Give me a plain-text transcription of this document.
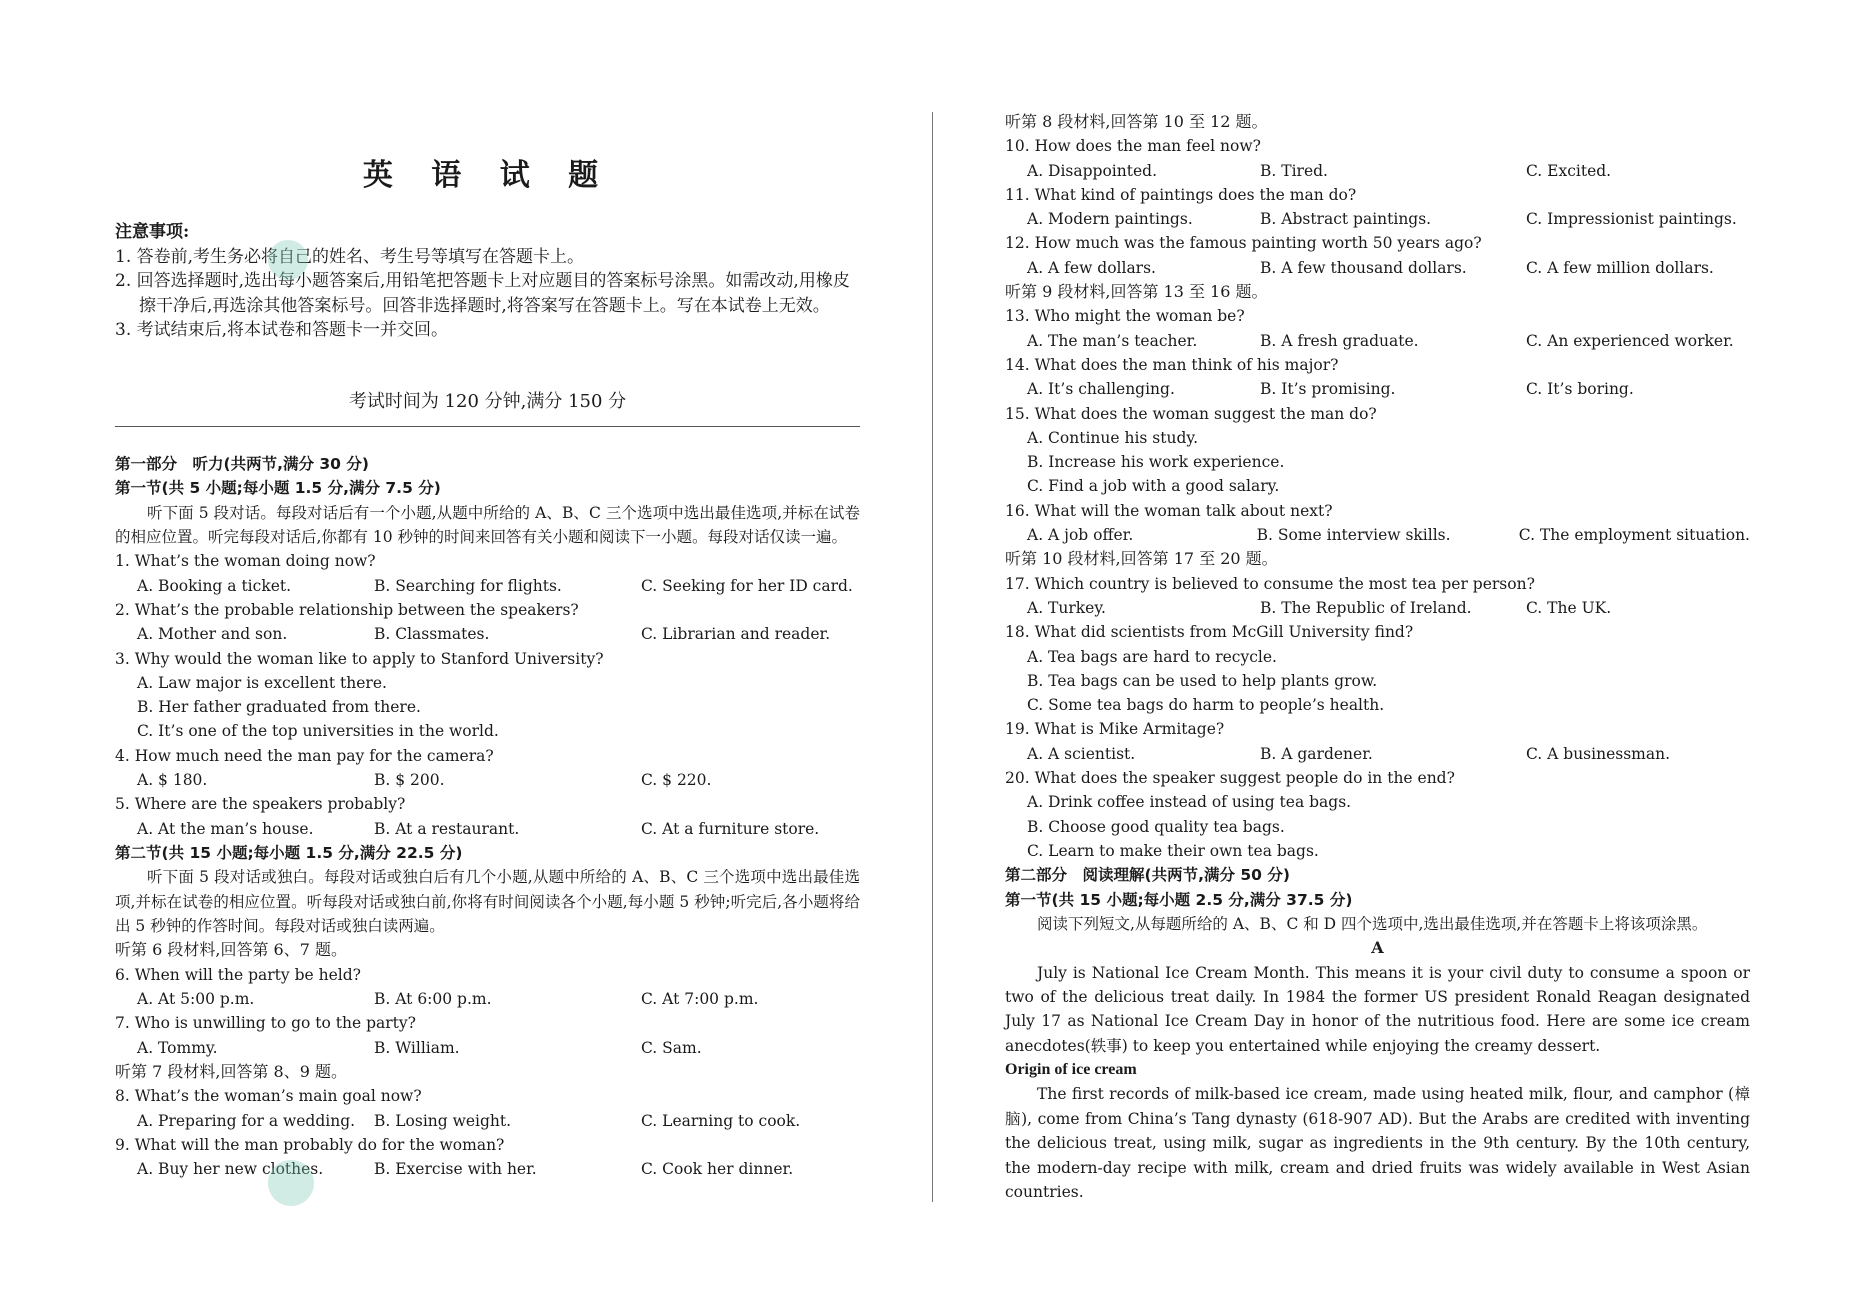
英 语 试 题

注意事项:

1. 答卷前,考生务必将自己的姓名、考生号等填写在答题卡上。

2. 回答选择题时,选出每小题答案后,用铅笔把答题卡上对应题目的答案标号涂黑。如需改动,用橡皮擦干净后,再选涂其他答案标号。回答非选择题时,将答案写在答题卡上。写在本试卷上无效。

3. 考试结束后,将本试卷和答题卡一并交回。

考试时间为 120 分钟,满分 150 分
第一部分　听力(共两节,满分 30 分)
第一节(共 5 小题;每小题 1.5 分,满分 7.5 分)

听下面 5 段对话。每段对话后有一个小题,从题中所给的 A、B、C 三个选项中选出最佳选项,并标在试卷的相应位置。听完每段对话后,你都有 10 秒钟的时间来回答有关小题和阅读下一小题。每段对话仅读一遍。

1. What’s the woman doing now?
A. Booking a ticket.	B. Searching for flights.	C. Seeking for her ID card.
2. What’s the probable relationship between the speakers?
A. Mother and son.	B. Classmates.	C. Librarian and reader.
3. Why would the woman like to apply to Stanford University?
A. Law major is excellent there.
B. Her father graduated from there.
C. It’s one of the top universities in the world.
4. How much need the man pay for the camera?
A. $ 180.	B. $ 200.	C. $ 220.
5. Where are the speakers probably?
A. At the man’s house.	B. At a restaurant.	C. At a furniture store.
第二节(共 15 小题;每小题 1.5 分,满分 22.5 分)

听下面 5 段对话或独白。每段对话或独白后有几个小题,从题中所给的 A、B、C 三个选项中选出最佳选项,并标在试卷的相应位置。听每段对话或独白前,你将有时间阅读各个小题,每小题 5 秒钟;听完后,各小题将给出 5 秒钟的作答时间。每段对话或独白读两遍。

听第 6 段材料,回答第 6、7 题。
6. When will the party be held?
A. At 5:00 p.m.	B. At 6:00 p.m.	C. At 7:00 p.m.
7. Who is unwilling to go to the party?
A. Tommy.	B. William.	C. Sam.
听第 7 段材料,回答第 8、9 题。
8. What’s the woman’s main goal now?
A. Preparing for a wedding.	B. Losing weight.	C. Learning to cook.
9. What will the man probably do for the woman?
A. Buy her new clothes.	B. Exercise with her.	C. Cook her dinner.
听第 8 段材料,回答第 10 至 12 题。
10. How does the man feel now?
A. Disappointed.	B. Tired.	C. Excited.
11. What kind of paintings does the man do?
A. Modern paintings.	B. Abstract paintings.	C. Impressionist paintings.
12. How much was the famous painting worth 50 years ago?
A. A few dollars.	B. A few thousand dollars.	C. A few million dollars.
听第 9 段材料,回答第 13 至 16 题。
13. Who might the woman be?
A. The man’s teacher.	B. A fresh graduate.	C. An experienced worker.
14. What does the man think of his major?
A. It’s challenging.	B. It’s promising.	C. It’s boring.
15. What does the woman suggest the man do?
A. Continue his study.
B. Increase his work experience.
C. Find a job with a good salary.
16. What will the woman talk about next?
A. A job offer.	B. Some interview skills.	C. The employment situation.
听第 10 段材料,回答第 17 至 20 题。
17. Which country is believed to consume the most tea per person?
A. Turkey.	B. The Republic of Ireland.	C. The UK.
18. What did scientists from McGill University find?
A. Tea bags are hard to recycle.
B. Tea bags can be used to help plants grow.
C. Some tea bags do harm to people’s health.
19. What is Mike Armitage?
A. A scientist.	B. A gardener.	C. A businessman.
20. What does the speaker suggest people do in the end?
A. Drink coffee instead of using tea bags.
B. Choose good quality tea bags.
C. Learn to make their own tea bags.
第二部分　阅读理解(共两节,满分 50 分)
第一节(共 15 小题;每小题 2.5 分,满分 37.5 分)

阅读下列短文,从每题所给的 A、B、C 和 D 四个选项中,选出最佳选项,并在答题卡上将该项涂黑。

A

July is National Ice Cream Month. This means it is your civil duty to consume a spoon or two of the delicious treat daily. In 1984 the former US president Ronald Reagan designated July 17 as National Ice Cream Day in honor of the nutritious food. Here are some ice cream anecdotes(轶事) to keep you entertained while enjoying the creamy dessert.

Origin of ice cream

The first records of milk-based ice cream, made using heated milk, flour, and camphor (樟脑), come from China’s Tang dynasty (618-907 AD). But the Arabs are credited with inventing the delicious treat, using milk, sugar as ingredients in the 9th century. By the 10th century, the modern-day recipe with milk, cream and dried fruits was widely available in West Asian countries.
